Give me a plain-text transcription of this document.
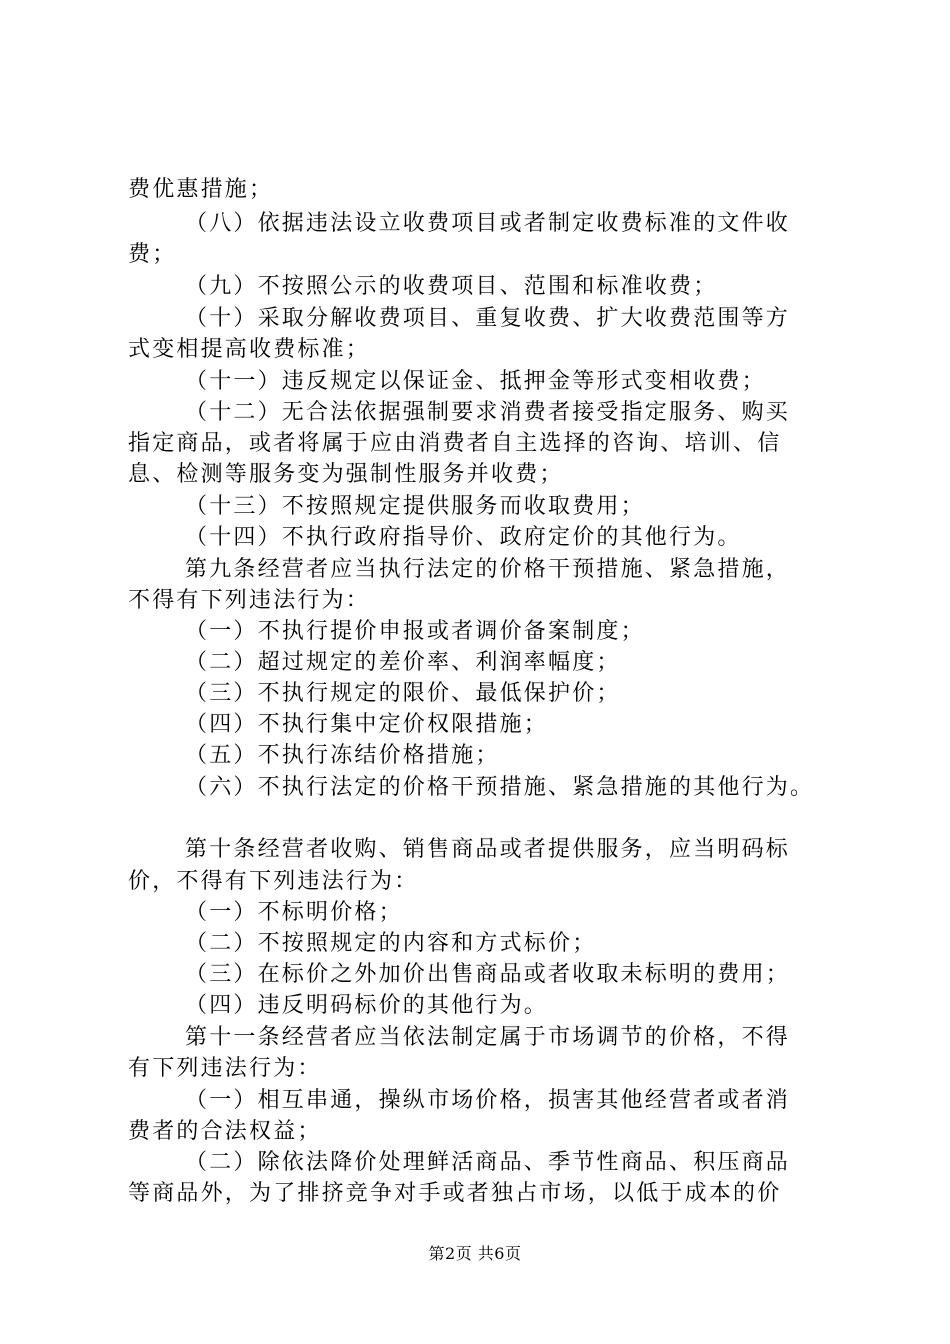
费优惠措施；
（八）依据违法设立收费项目或者制定收费标准的文件收
费；
（九）不按照公示的收费项目、范围和标准收费；
（十）采取分解收费项目、重复收费、扩大收费范围等方
式变相提高收费标准；
（十一）违反规定以保证金、抵押金等形式变相收费；
（十二）无合法依据强制要求消费者接受指定服务、购买
指定商品，或者将属于应由消费者自主选择的咨询、培训、信
息、检测等服务变为强制性服务并收费；
（十三）不按照规定提供服务而收取费用；
（十四）不执行政府指导价、政府定价的其他行为。
第九条经营者应当执行法定的价格干预措施、紧急措施，
不得有下列违法行为：
（一）不执行提价申报或者调价备案制度；
（二）超过规定的差价率、利润率幅度；
（三）不执行规定的限价、最低保护价；
（四）不执行集中定价权限措施；
（五）不执行冻结价格措施；
（六）不执行法定的价格干预措施、紧急措施的其他行为。
第十条经营者收购、销售商品或者提供服务，应当明码标
价，不得有下列违法行为：
（一）不标明价格；
（二）不按照规定的内容和方式标价；
（三）在标价之外加价出售商品或者收取未标明的费用；
（四）违反明码标价的其他行为。
第十一条经营者应当依法制定属于市场调节的价格，不得
有下列违法行为：
（一）相互串通，操纵市场价格，损害其他经营者或者消
费者的合法权益；
（二）除依法降价处理鲜活商品、季节性商品、积压商品
等商品外，为了排挤竞争对手或者独占市场，以低于成本的价
第2页 共6页
